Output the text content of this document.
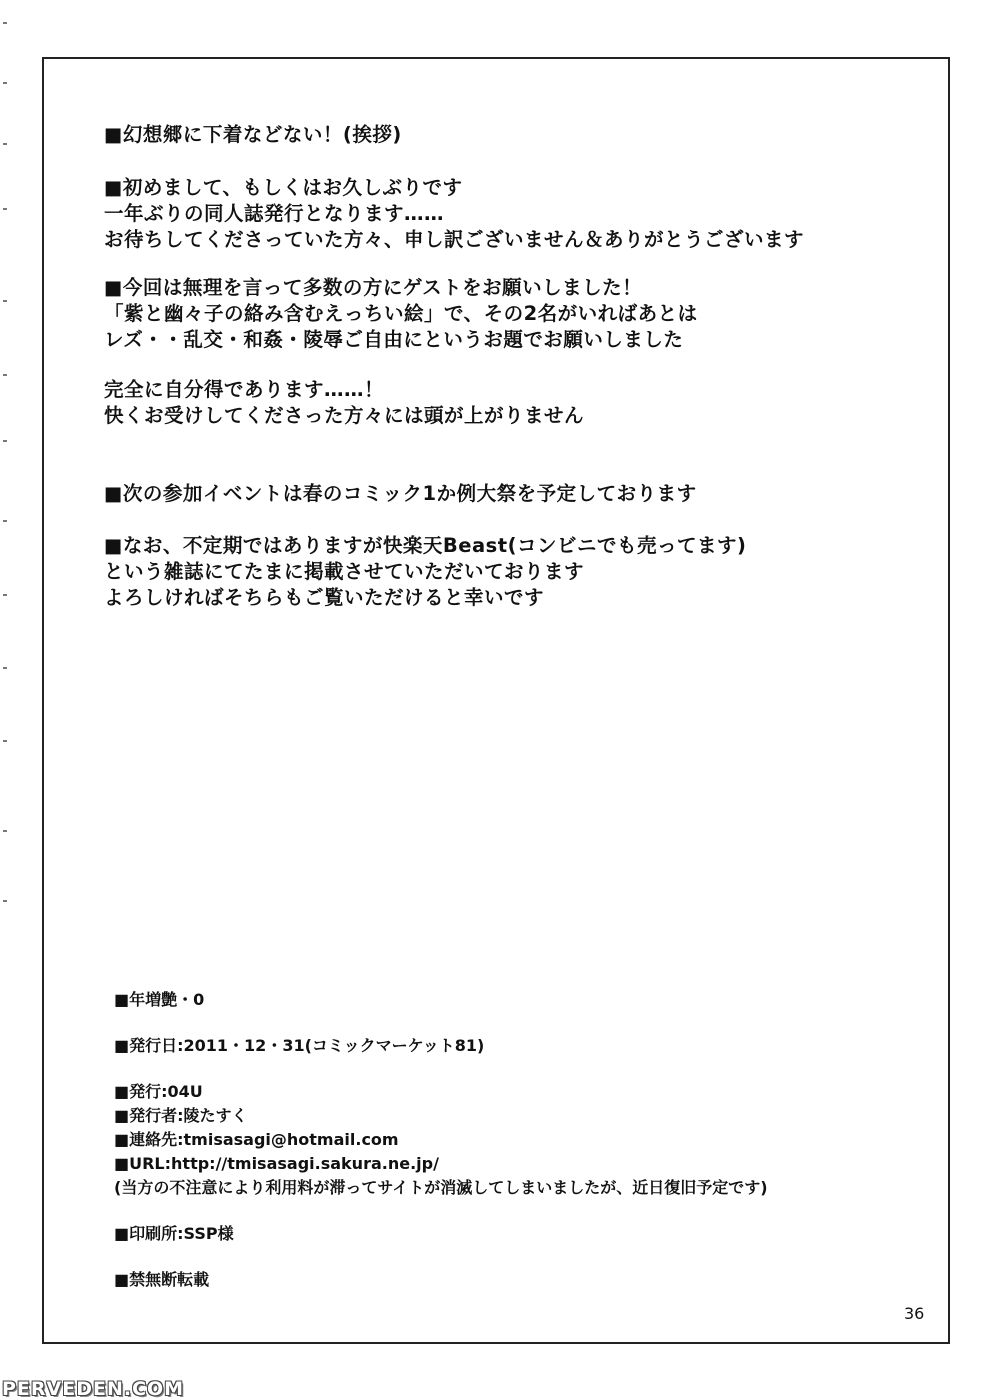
■幻想郷に下着などない！(挨拶)
■初めまして、もしくはお久しぶりです
一年ぶりの同人誌発行となります……
お待ちしてくださっていた方々、申し訳ございません＆ありがとうございます
■今回は無理を言って多数の方にゲストをお願いしました！
「紫と幽々子の絡み含むえっちい絵」で、その2名がいればあとは
レズ・・乱交・和姦・陵辱ご自由にというお題でお願いしました
完全に自分得であります……！
快くお受けしてくださった方々には頭が上がりません
■次の参加イベントは春のコミック1か例大祭を予定しております
■なお、不定期ではありますが快楽天Beast(コンビニでも売ってます)
という雑誌にてたまに掲載させていただいております
よろしければそちらもご覧いただけると幸いです
■年増艶・0
■発行日:2011・12・31(コミックマーケット81)
■発行:04U
■発行者:陵たすく
■連絡先:tmisasagi@hotmail.com
■URL:http://tmisasagi.sakura.ne.jp/
(当方の不注意により利用料が滞ってサイトが消滅してしまいましたが、近日復旧予定です)
■印刷所:SSP様
■禁無断転載
36
PERVEDEN.COM
